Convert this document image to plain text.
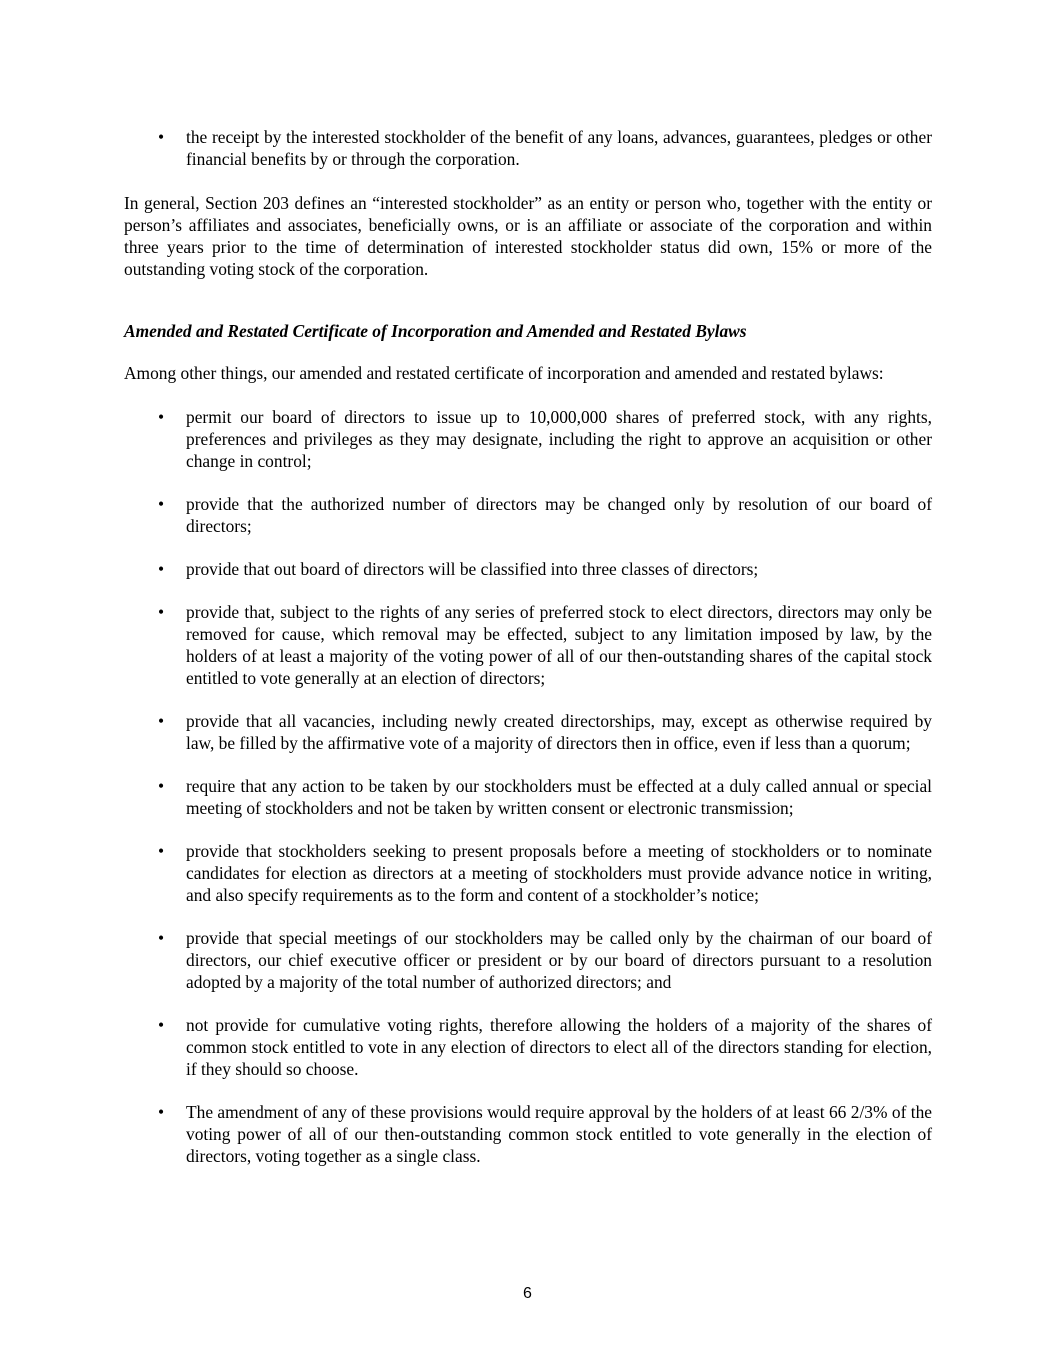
• the receipt by the interested stockholder of the benefit of any loans, advances, guarantees, pledges or other financial benefits by or through the corporation.

In general, Section 203 defines an “interested stockholder” as an entity or person who, together with the entity or person’s affiliates and associates, beneficially owns, or is an affiliate or associate of the corporation and within three years prior to the time of determination of interested stockholder status did own, 15% or more of the outstanding voting stock of the corporation.

Amended and Restated Certificate of Incorporation and Amended and Restated Bylaws

Among other things, our amended and restated certificate of incorporation and amended and restated bylaws:

• permit our board of directors to issue up to 10,000,000 shares of preferred stock, with any rights, preferences and privileges as they may designate, including the right to approve an acquisition or other change in control;
• provide that the authorized number of directors may be changed only by resolution of our board of directors;
• provide that out board of directors will be classified into three classes of directors;
• provide that, subject to the rights of any series of preferred stock to elect directors, directors may only be removed for cause, which removal may be effected, subject to any limitation imposed by law, by the holders of at least a majority of the voting power of all of our then-outstanding shares of the capital stock entitled to vote generally at an election of directors;
• provide that all vacancies, including newly created directorships, may, except as otherwise required by law, be filled by the affirmative vote of a majority of directors then in office, even if less than a quorum;
• require that any action to be taken by our stockholders must be effected at a duly called annual or special meeting of stockholders and not be taken by written consent or electronic transmission;
• provide that stockholders seeking to present proposals before a meeting of stockholders or to nominate candidates for election as directors at a meeting of stockholders must provide advance notice in writing, and also specify requirements as to the form and content of a stockholder’s notice;
• provide that special meetings of our stockholders may be called only by the chairman of our board of directors, our chief executive officer or president or by our board of directors pursuant to a resolution adopted by a majority of the total number of authorized directors; and
• not provide for cumulative voting rights, therefore allowing the holders of a majority of the shares of common stock entitled to vote in any election of directors to elect all of the directors standing for election, if they should so choose.
• The amendment of any of these provisions would require approval by the holders of at least 66 2/3% of the voting power of all of our then-outstanding common stock entitled to vote generally in the election of directors, voting together as a single class.
6
